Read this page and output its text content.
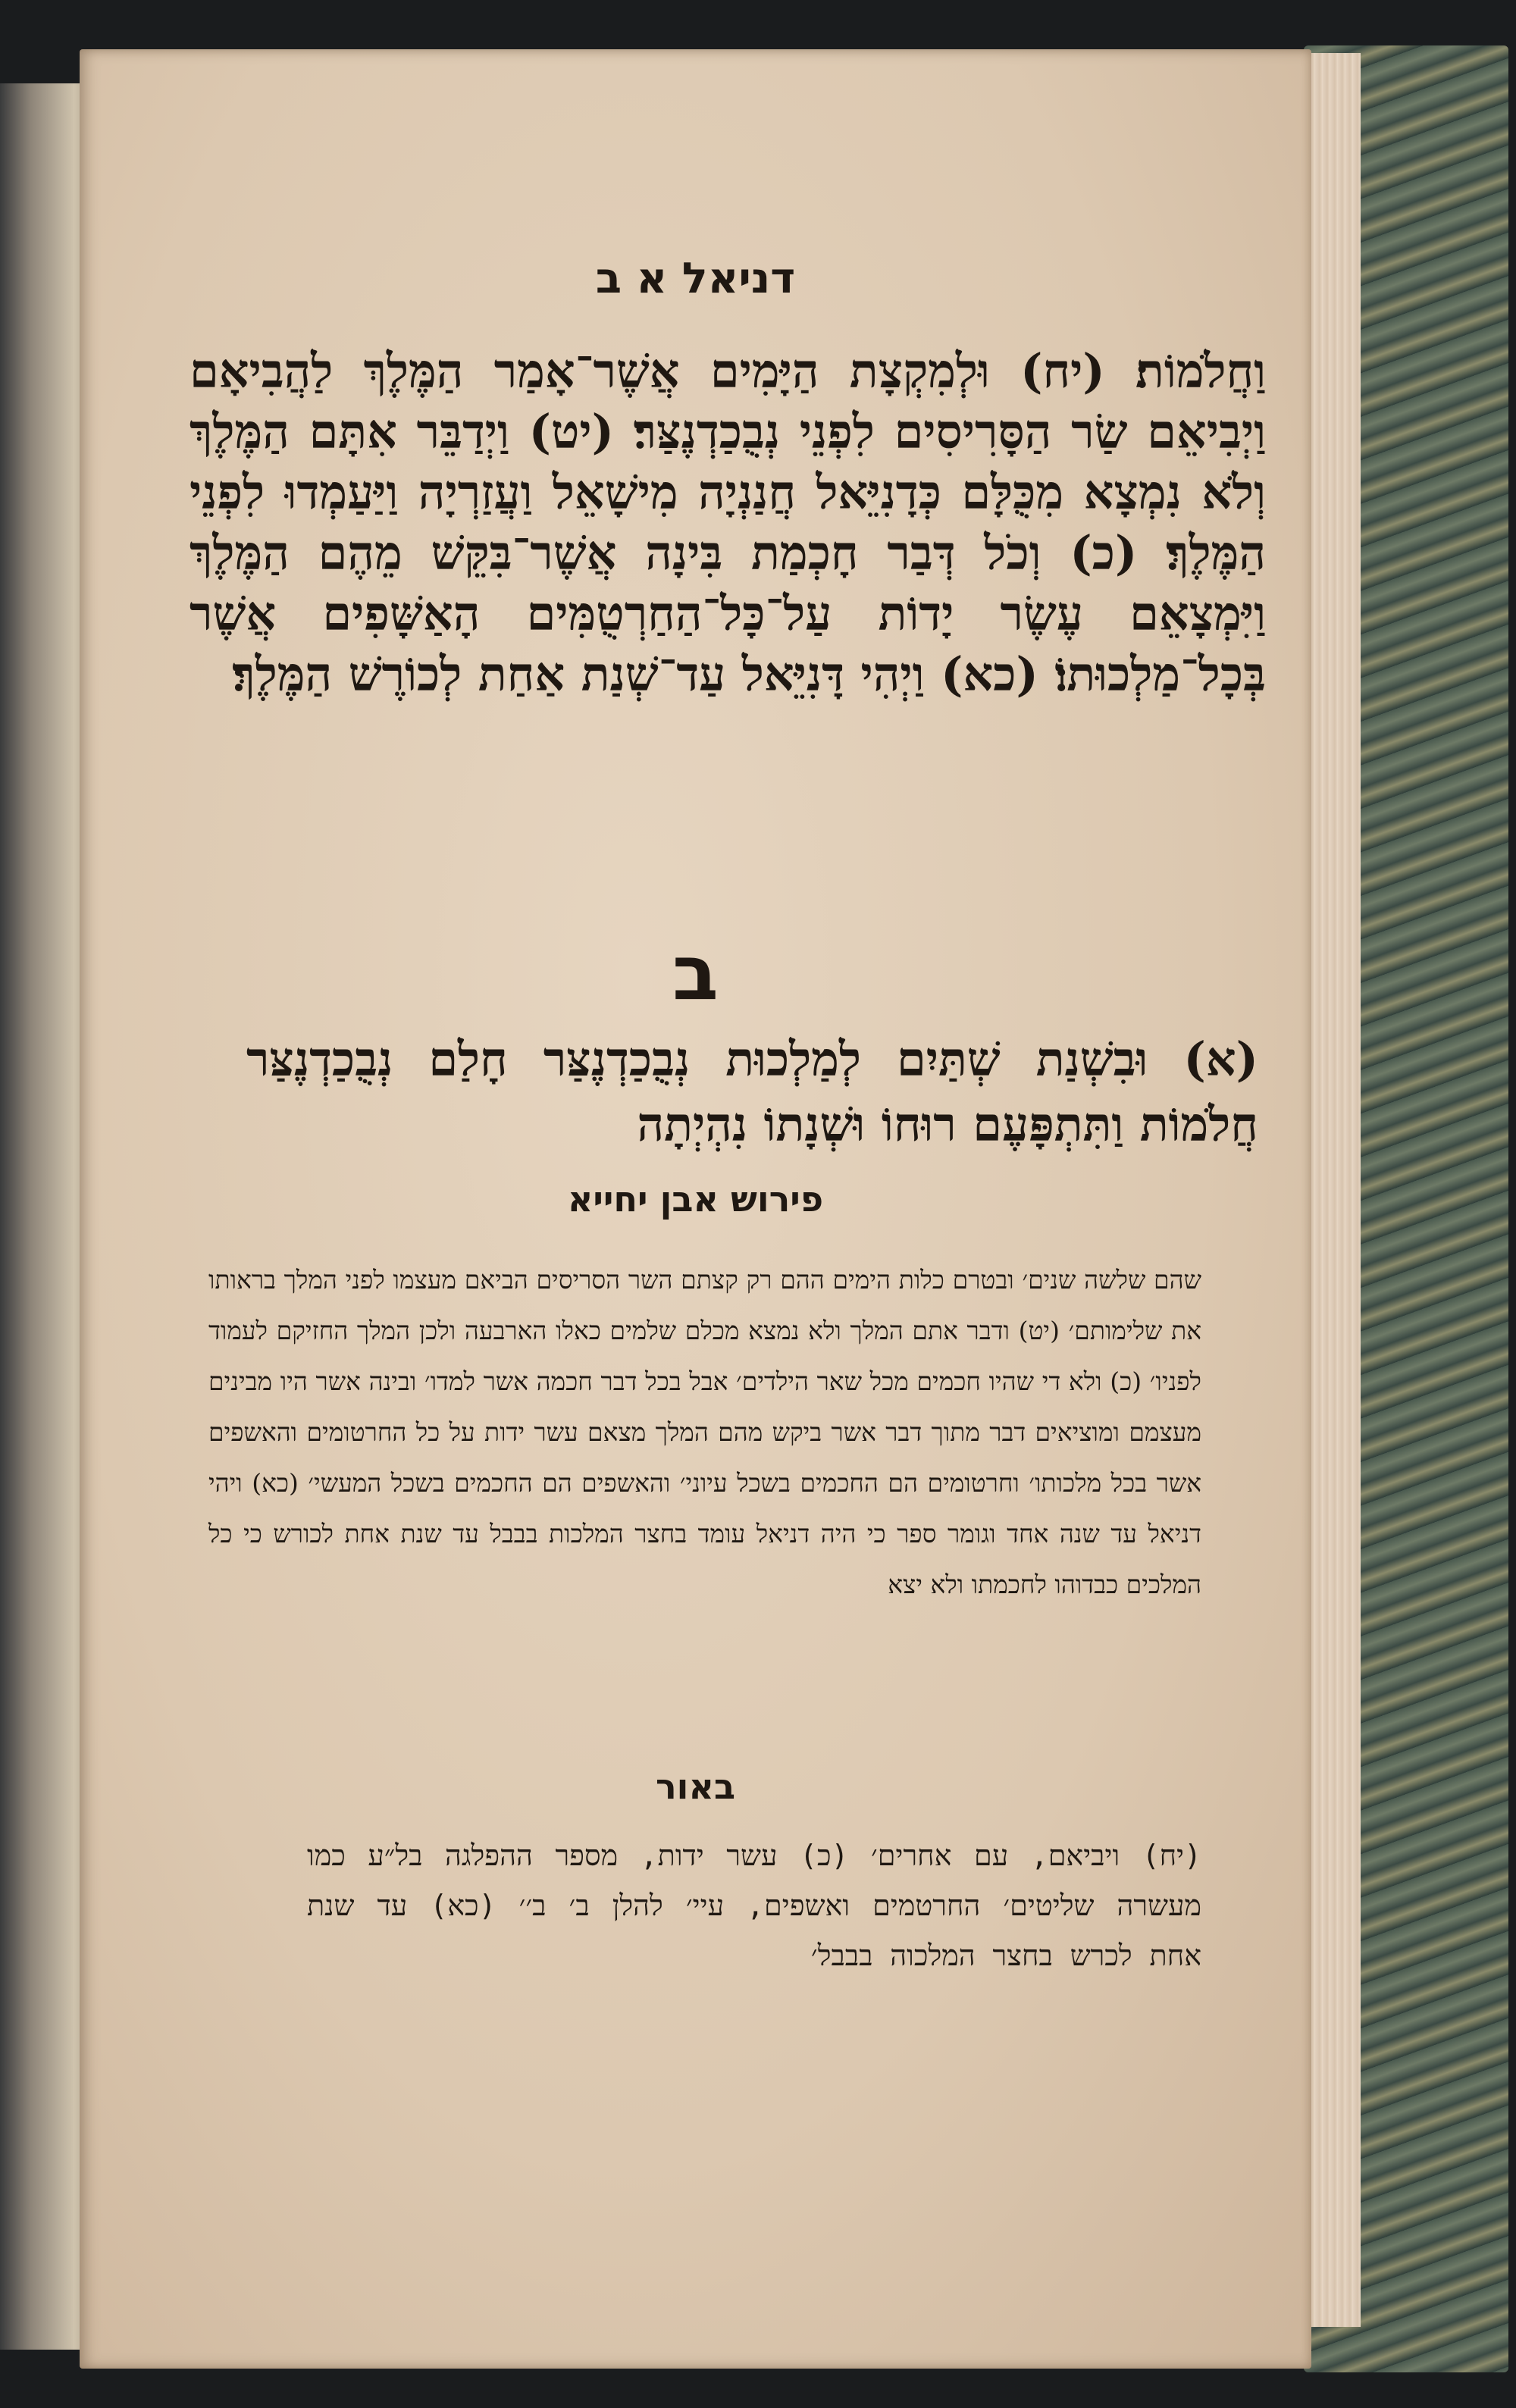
דניאל א ב
וַחֲלֹמוֹת׃ (יח) וּלְמִקְצָת הַיָּמִים אֲשֶׁר־אָמַר הַמֶּלֶךְ לַהֲבִיאָם וַיְבִיאֵם שַׂר הַסָּרִיסִים לִפְנֵי נְבֻכַדְנֶצַּר׃ (יט) וַיְדַבֵּר אִתָּם הַמֶּלֶךְ וְלֹא נִמְצָא מִכֻּלָּם כְּדָנִיֵּאל חֲנַנְיָה מִישָׁאֵל וַעֲזַרְיָה וַיַּעַמְדוּ לִפְנֵי הַמֶּלֶךְ׃ (כ) וְכֹל דְּבַר חָכְמַת בִּינָה אֲשֶׁר־בִּקֵּשׁ מֵהֶם הַמֶּלֶךְ וַיִּמְצָאֵם עֶשֶׂר יָדוֹת עַל־כָּל־הַחַרְטֻמִּים הָאַשָּׁפִים אֲשֶׁר בְּכָל־מַלְכוּתוֹ׃ (כא) וַיְהִי דָּנִיֵּאל עַד־שְׁנַת אַחַת לְכוֹרֶשׁ הַמֶּלֶךְ׃
ב
(א) וּבִשְׁנַת שְׁתַּיִם לְמַלְכוּת נְבֻכַדְנֶצַּר חָלַם נְבֻכַדְנֶצַּר חֲלֹמוֹת וַתִּתְפָּעֶם רוּחוֹ וּשְׁנָתוֹ נִהְיְתָה
פירוש אבן יחייא
שהם שלשה שנים׳ ובטרם כלות הימים ההם רק קצתם השר הסריסים הביאם מעצמו לפני המלך בראותו את שלימותם׳ (יט) ודבר אתם המלך ולא נמצא מכלם שלמים כאלו הארבעה ולכן המלך החזיקם לעמוד לפניו׳ (כ) ולא די שהיו חכמים מכל שאר הילדים׳ אבל בכל דבר חכמה אשר למדו׳ ובינה אשר היו מבינים מעצמם ומוציאים דבר מתוך דבר אשר ביקש מהם המלך מצאם עשר ידות על כל החרטומים והאשפים אשר בכל מלכותו׳ וחרטומים הם החכמים בשכל עיוני׳ והאשפים הם החכמים בשכל המעשי׳ (כא) ויהי דניאל עד שנה אחד וגומר ספר כי היה דניאל עומד בחצר המלכות בבבל עד שנת אחת לכורש כי כל המלכים כבדוהו לחכמתו ולא יצא
באור
(יח) ויביאם, עם אחרים׳ (כ) עשר ידות, מספר ההפלגה בל״ע כמו מעשרה שליטים׳ החרטמים ואשפים, עיי׳ להלן ב׳ ב׳׳ (כא) עד שנת אחת לכרש בחצר המלכוה בבבל׳
